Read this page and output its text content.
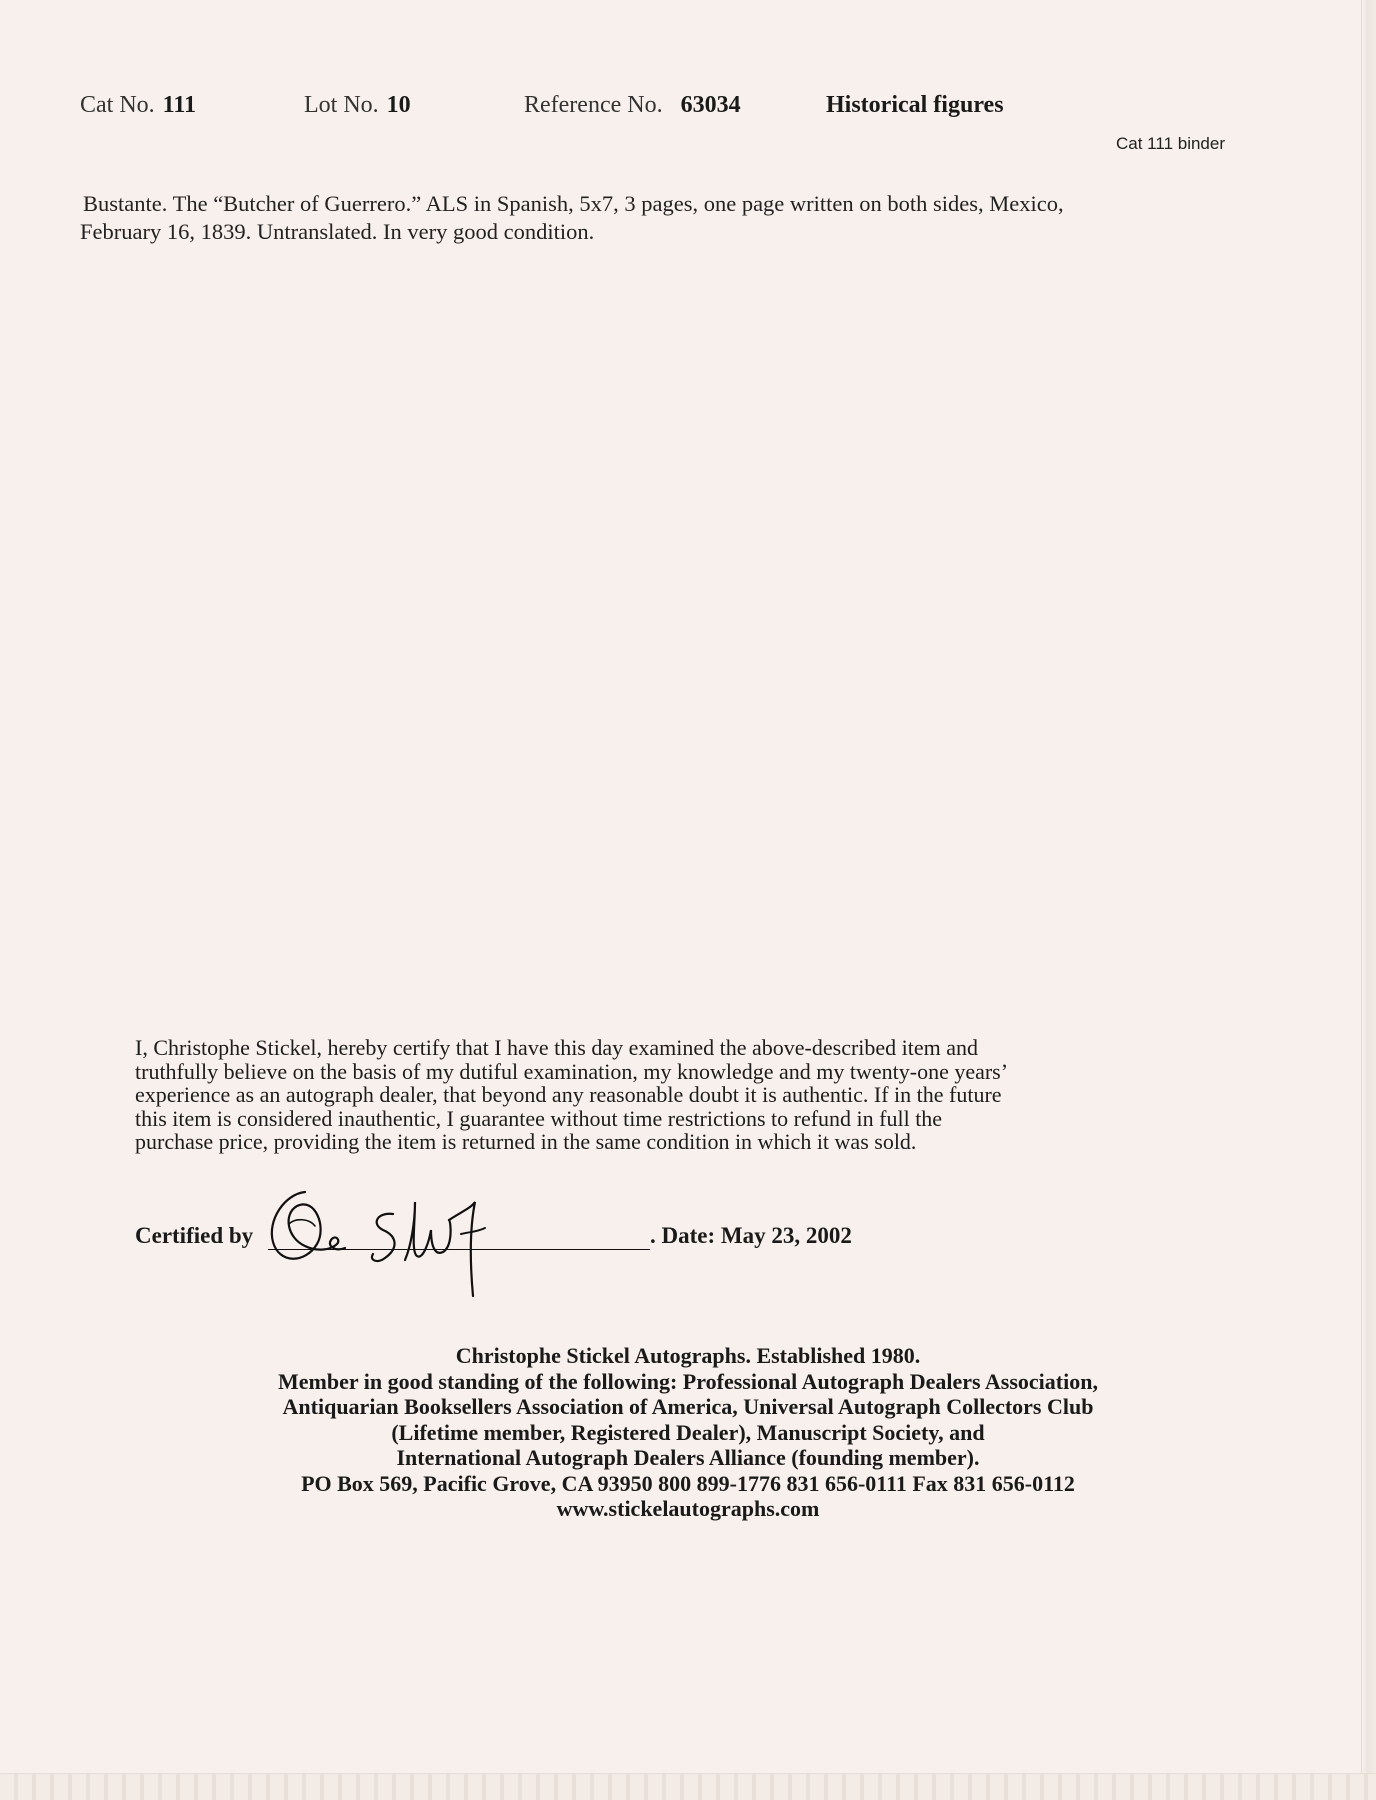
Cat No. 111	Lot No. 10	Reference No. 63034	Historical figures
Cat 111 binder

Bustante. The “Butcher of Guerrero.” ALS in Spanish, 5x7, 3 pages, one page written on both sides, Mexico,

February 16, 1839. Untranslated. In very good condition.

I, Christophe Stickel, hereby certify that I have this day examined the above-described item and

truthfully believe on the basis of my dutiful examination, my knowledge and my twenty-one years’

experience as an autograph dealer, that beyond any reasonable doubt it is authentic. If in the future

this item is considered inauthentic, I guarantee without time restrictions to refund in full the

purchase price, providing the item is returned in the same condition in which it was sold.

Certified by	. Date: May 23, 2002

Christophe Stickel Autographs. Established 1980.

Member in good standing of the following: Professional Autograph Dealers Association,

Antiquarian Booksellers Association of America, Universal Autograph Collectors Club

(Lifetime member, Registered Dealer), Manuscript Society, and

International Autograph Dealers Alliance (founding member).

PO Box 569, Pacific Grove, CA 93950 800 899-1776 831 656-0111 Fax 831 656-0112

www.stickelautographs.com
